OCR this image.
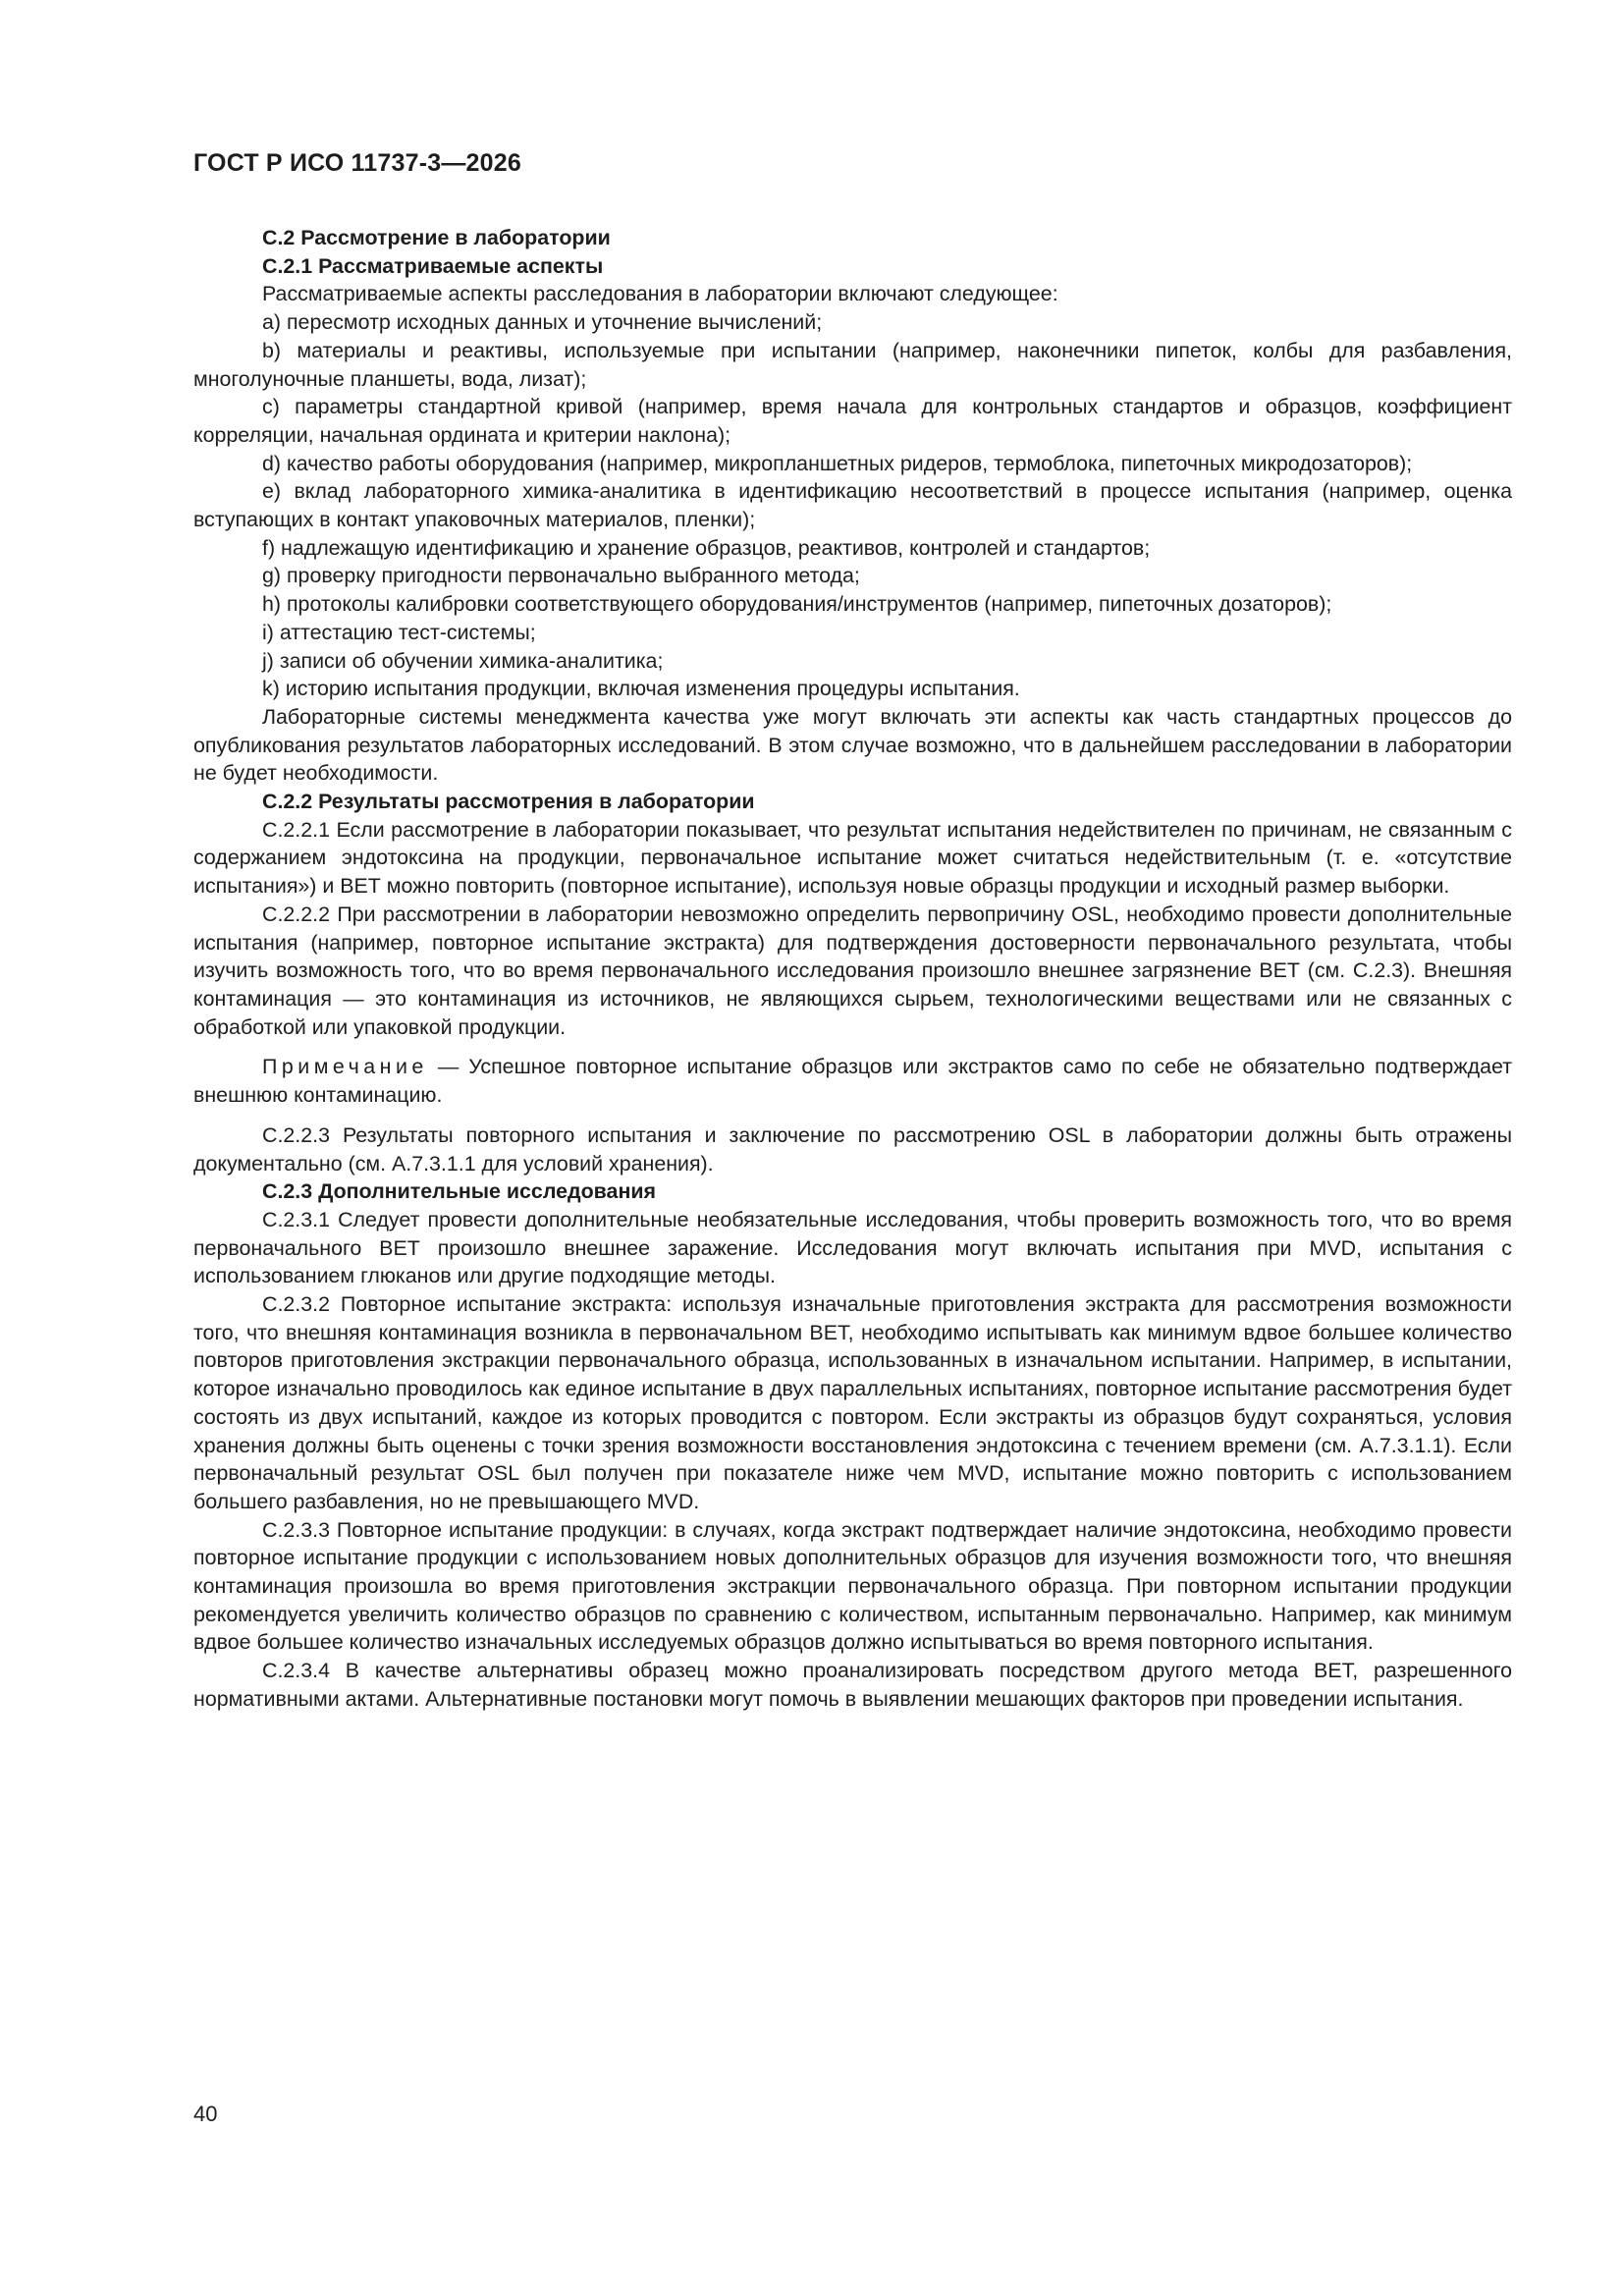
ГОСТ Р ИСО 11737-3—2026

С.2 Рассмотрение в лаборатории

С.2.1 Рассматриваемые аспекты

Рассматриваемые аспекты расследования в лаборатории включают следующее:

a) пересмотр исходных данных и уточнение вычислений;

b) материалы и реактивы, используемые при испытании (например, наконечники пипеток, колбы для разбавления, многолуночные планшеты, вода, лизат);

c) параметры стандартной кривой (например, время начала для контрольных стандартов и образцов, коэффициент корреляции, начальная ордината и критерии наклона);

d) качество работы оборудования (например, микропланшетных ридеров, термоблока, пипеточных микродозаторов);

e) вклад лабораторного химика-аналитика в идентификацию несоответствий в процессе испытания (например, оценка вступающих в контакт упаковочных материалов, пленки);

f) надлежащую идентификацию и хранение образцов, реактивов, контролей и стандартов;

g) проверку пригодности первоначально выбранного метода;

h) протоколы калибровки соответствующего оборудования/инструментов (например, пипеточных дозаторов);

i) аттестацию тест-системы;

j) записи об обучении химика-аналитика;

k) историю испытания продукции, включая изменения процедуры испытания.

Лабораторные системы менеджмента качества уже могут включать эти аспекты как часть стандартных процессов до опубликования результатов лабораторных исследований. В этом случае возможно, что в дальнейшем расследовании в лаборатории не будет необходимости.

С.2.2 Результаты рассмотрения в лаборатории

С.2.2.1 Если рассмотрение в лаборатории показывает, что результат испытания недействителен по причинам, не связанным с содержанием эндотоксина на продукции, первоначальное испытание может считаться недействительным (т. е. «отсутствие испытания») и ВЕТ можно повторить (повторное испытание), используя новые образцы продукции и исходный размер выборки.

С.2.2.2 При рассмотрении в лаборатории невозможно определить первопричину OSL, необходимо провести дополнительные испытания (например, повторное испытание экстракта) для подтверждения достоверности первоначального результата, чтобы изучить возможность того, что во время первоначального исследования произошло внешнее загрязнение ВЕТ (см. С.2.3). Внешняя контаминация — это контаминация из источников, не являющихся сырьем, технологическими веществами или не связанных с обработкой или упаковкой продукции.

Примечание — Успешное повторное испытание образцов или экстрактов само по себе не обязательно подтверждает внешнюю контаминацию.

С.2.2.3 Результаты повторного испытания и заключение по рассмотрению OSL в лаборатории должны быть отражены документально (см. А.7.3.1.1 для условий хранения).

С.2.3 Дополнительные исследования

С.2.3.1 Следует провести дополнительные необязательные исследования, чтобы проверить возможность того, что во время первоначального ВЕТ произошло внешнее заражение. Исследования могут включать испытания при MVD, испытания с использованием глюканов или другие подходящие методы.

С.2.3.2 Повторное испытание экстракта: используя изначальные приготовления экстракта для рассмотрения возможности того, что внешняя контаминация возникла в первоначальном ВЕТ, необходимо испытывать как минимум вдвое большее количество повторов приготовления экстракции первоначального образца, использованных в изначальном испытании. Например, в испытании, которое изначально проводилось как единое испытание в двух параллельных испытаниях, повторное испытание рассмотрения будет состоять из двух испытаний, каждое из которых проводится с повтором. Если экстракты из образцов будут сохраняться, условия хранения должны быть оценены с точки зрения возможности восстановления эндотоксина с течением времени (см. А.7.3.1.1). Если первоначальный результат OSL был получен при показателе ниже чем MVD, испытание можно повторить с использованием большего разбавления, но не превышающего MVD.

С.2.3.3 Повторное испытание продукции: в случаях, когда экстракт подтверждает наличие эндотоксина, необходимо провести повторное испытание продукции с использованием новых дополнительных образцов для изучения возможности того, что внешняя контаминация произошла во время приготовления экстракции первоначального образца. При повторном испытании продукции рекомендуется увеличить количество образцов по сравнению с количеством, испытанным первоначально. Например, как минимум вдвое большее количество изначальных исследуемых образцов должно испытываться во время повторного испытания.

С.2.3.4 В качестве альтернативы образец можно проанализировать посредством другого метода ВЕТ, разрешенного нормативными актами. Альтернативные постановки могут помочь в выявлении мешающих факторов при проведении испытания.

40
